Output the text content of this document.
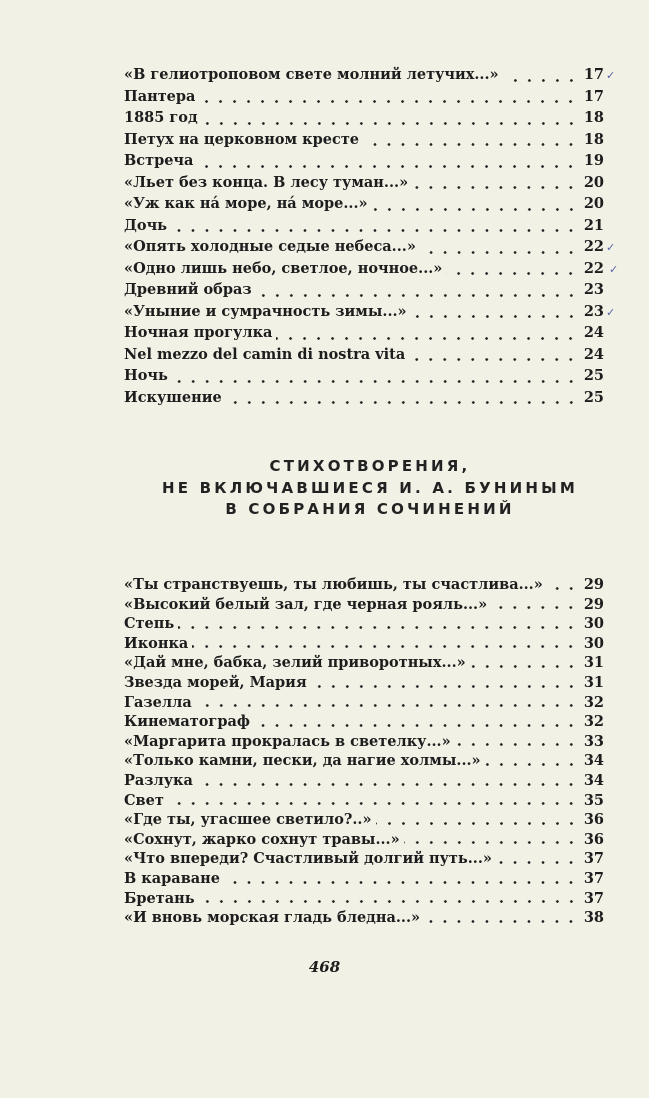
«В гелиотроповом свете молний летучих...»	17
Пантера	17
1885 год	18
Петух на церковном кресте	18
Встреча	19
«Льет без конца. В лесу туман...»	20
«Уж как нá море, нá море...»	20
Дочь	21
«Опять холодные седые небеса...»	22
«Одно лишь небо, светлое, ночное...»	22
Древний образ	23
«Уныние и сумрачность зимы...»	23
Ночная прогулка	24
Nel mezzo del camin di nostra vita	24
Ночь	25
Искушение	25
СТИХОТВОРЕНИЯ,
НЕ ВКЛЮЧАВШИЕСЯ И. А. БУНИНЫМ
В СОБРАНИЯ СОЧИНЕНИЙ
«Ты странствуешь, ты любишь, ты счастлива...»	29
«Высокий белый зал, где черная рояль...»	29
Степь	30
Иконка	30
«Дай мне, бабка, зелий приворотных...»	31
Звезда морей, Мария	31
Газелла	32
Кинематограф	32
«Маргарита прокралась в светелку...»	33
«Только камни, пески, да нагие холмы...»	34
Разлука	34
Свет	35
«Где ты, угасшее светило?..»	36
«Сохнут, жарко сохнут травы...»	36
«Что впереди? Счастливый долгий путь...»	37
В караване	37
Бретань	37
«И вновь морская гладь бледна...»	38
468
✓
✓
✓
✓
